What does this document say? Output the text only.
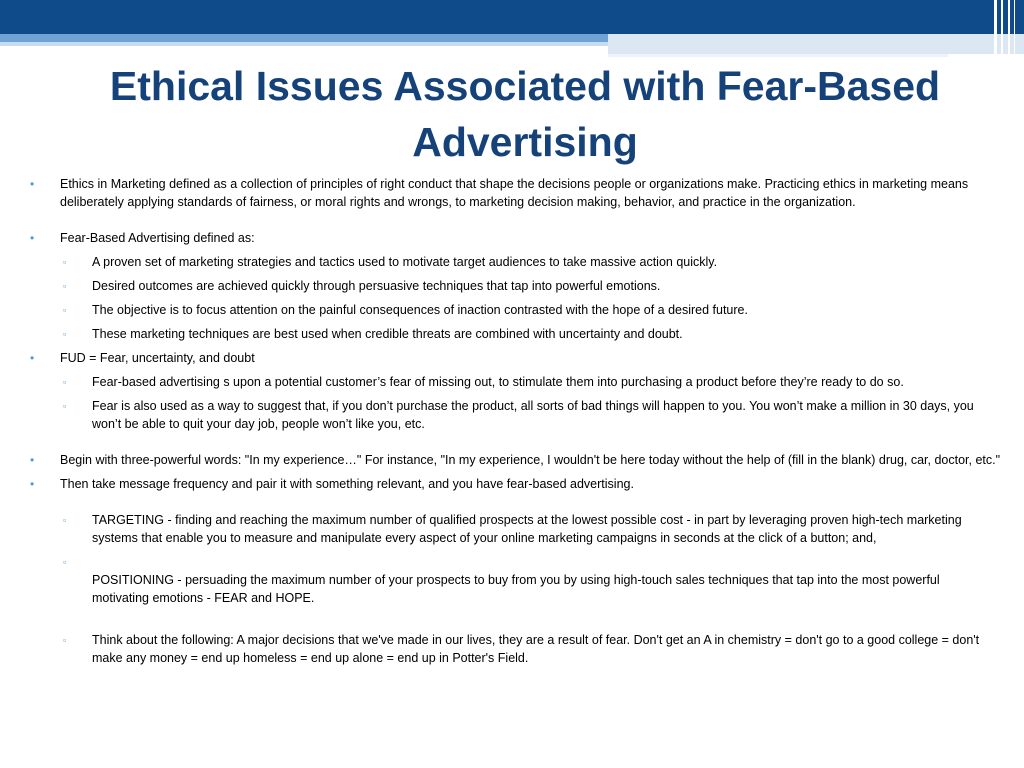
Ethical Issues Associated with Fear-Based Advertising
• Ethics in Marketing defined as a collection of principles of right conduct that shape the decisions people or organizations make. Practicing ethics in marketing means deliberately applying standards of fairness, or moral rights and wrongs, to marketing decision making, behavior, and practice in the organization.
• Fear-Based Advertising defined as:
▫ A proven set of marketing strategies and tactics used to motivate target audiences to take massive action quickly.
▫ Desired outcomes are achieved quickly through persuasive techniques that tap into powerful emotions.
▫ The objective is to focus attention on the painful consequences of inaction contrasted with the hope of a desired future.
▫ These marketing techniques are best used when credible threats are combined with uncertainty and doubt.
• FUD = Fear, uncertainty, and doubt
▫ Fear-based advertising s upon a potential customer’s fear of missing out, to stimulate them into purchasing a product before they’re ready to do so.
▫ Fear is also used as a way to suggest that, if you don’t purchase the product, all sorts of bad things will happen to you. You won’t make a million in 30 days, you won’t be able to quit your day job, people won’t like you, etc.
• Begin with three-powerful words: "In my experience…" For instance, "In my experience, I wouldn't be here today without the help of (fill in the blank) drug, car, doctor, etc."
• Then take message frequency and pair it with something relevant, and you have fear-based advertising.
▫ TARGETING - finding and reaching the maximum number of qualified prospects at the lowest possible cost - in part by leveraging proven high-tech marketing systems that enable you to measure and manipulate every aspect of your online marketing campaigns in seconds at the click of a button; and,
▫

POSITIONING - persuading the maximum number of your prospects to buy from you by using high-touch sales techniques that tap into the most powerful motivating emotions - FEAR and HOPE.
▫ Think about the following: A major decisions that we've made in our lives, they are a result of fear. Don't get an A in chemistry = don't go to a good college = don't make any money = end up homeless = end up alone = end up in Potter's Field.
